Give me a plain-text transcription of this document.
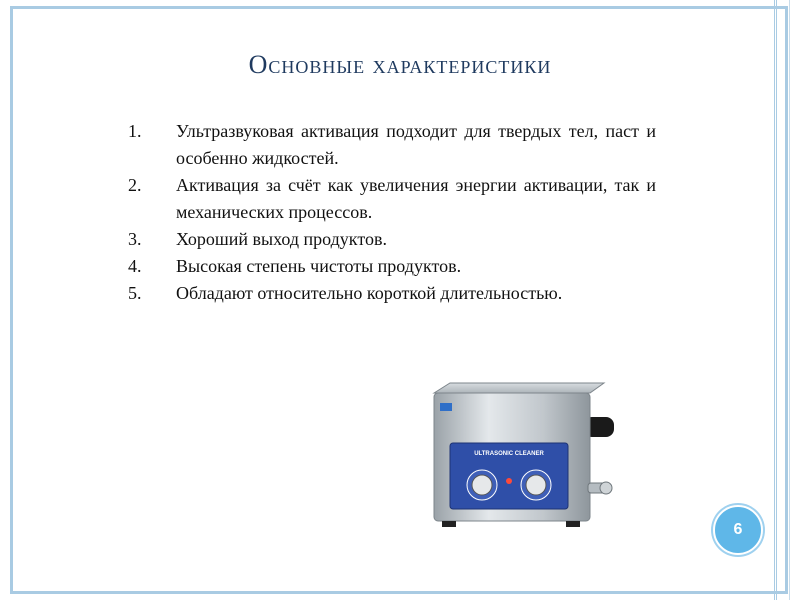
Основные характеристики
1. Ультразвуковая активация подходит для твердых тел, паст и особенно жидкостей.
2. Активация за счёт как увеличения энергии активации, так и механических процессов.
3. Хороший выход продуктов.
4. Высокая степень чистоты продуктов.
5. Обладают относительно короткой длительностью.
ULTRASONIC CLEANER
6
